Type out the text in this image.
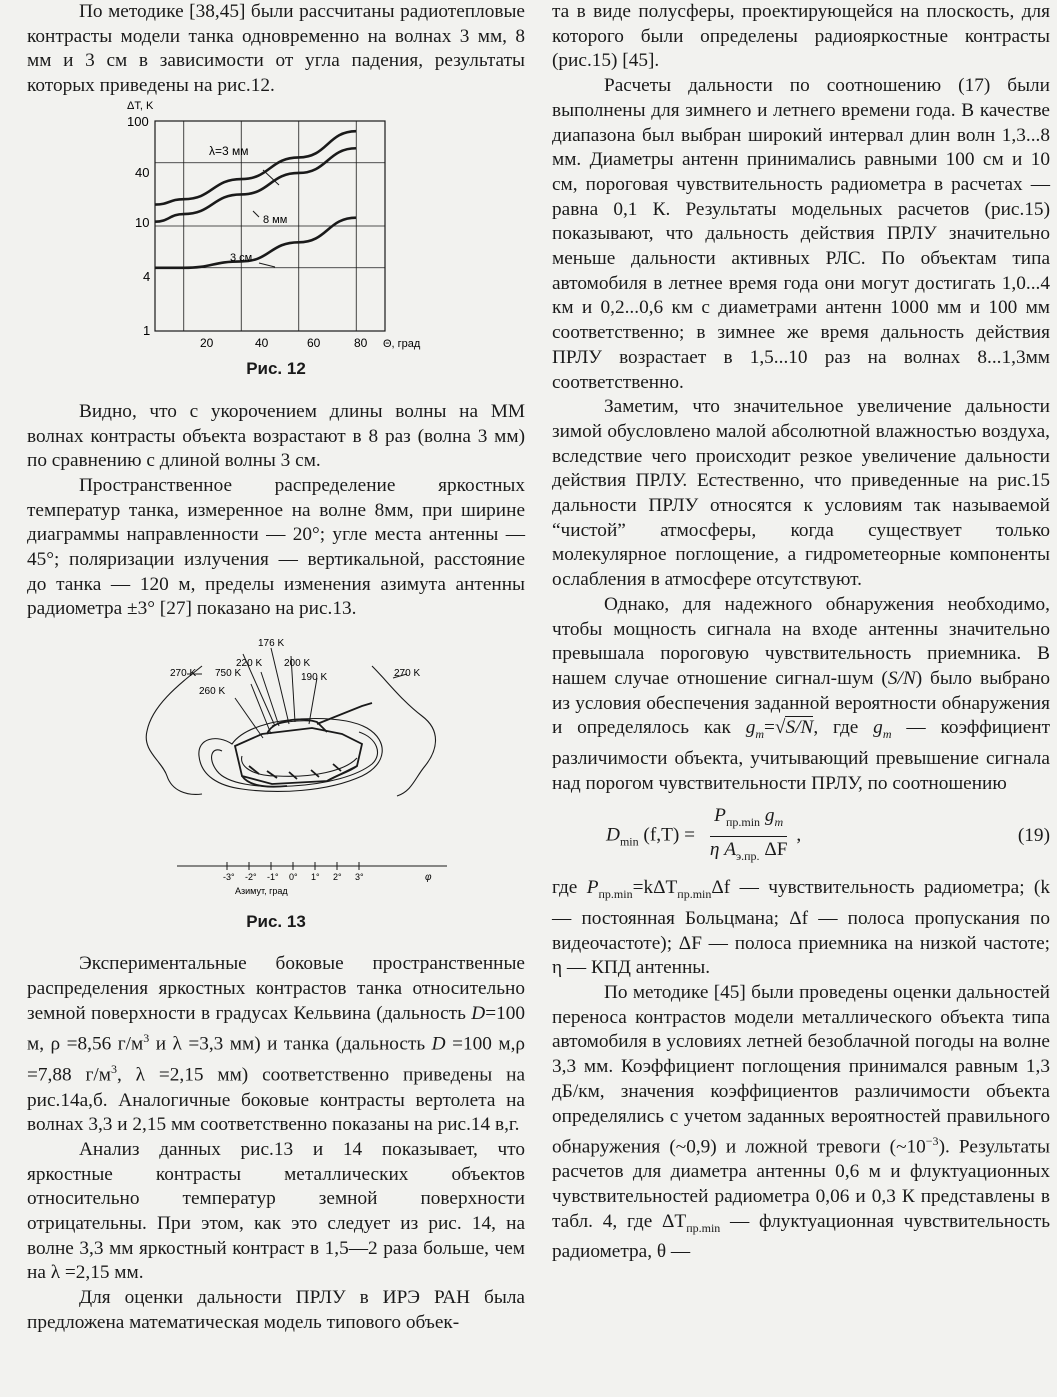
По методике [38,45] были рассчитаны радиотепловые контрасты модели танка одновременно на волнах 3 мм, 8 мм и 3 см в зависимости от угла падения, результаты которых приведены на рис.12.

ΔT, K
100
40
10
4
1
20	40	60	80 Θ, град
λ=3 мм
8 мм
3 см
Рис. 12

Видно, что с укорочением длины волны на ММ волнах контрасты объекта возрастают в 8 раз (волна 3 мм) по сравнению с длиной волны 3 см.

Пространственное распределение яркостных температур танка, измеренное на волне 8мм, при ширине диаграммы направленности — 20°; угле места антенны — 45°; поляризации излучения — вертикальной, расстояние до танка — 120 м, пределы изменения азимута антенны радиометра ±3° [27] показано на рис.13.

176 K
220 K 200 K
270 K 750 K	190 K	270 K
260 K
-3° -2° -1° 0° 1° 2° 3°	φ
Азимут, град
Рис. 13

Экспериментальные боковые пространственные распределения яркостных контрастов танка относительно земной поверхности в градусах Кельвина (дальность D=100 м, ρ =8,56 $г/м^3$ и λ =3,3 мм) и танка (дальность D =100 м,ρ =7,88 $г/м^3$, λ =2,15 мм) соответственно приведены на рис.14а,б. Аналогичные боковые контрасты вертолета на волнах 3,3 и 2,15 мм соответственно показаны на рис.14 в,г.

Анализ данных рис.13 и 14 показывает, что яркостные контрасты металлических объектов относительно температур земной поверхности отрицательны. При этом, как это следует из рис. 14, на волне 3,3 мм яркостный контраст в 1,5—2 раза больше, чем на λ =2,15 мм.

Для оценки дальности ПРЛУ в ИРЭ РАН была предложена математическая модель типового объек-

та в виде полусферы, проектирующейся на плоскость, для которого были определены радиояркостные контрасты (рис.15) [45].

Расчеты дальности по соотношению (17) были выполнены для зимнего и летнего времени года. В качестве диапазона был выбран широкий интервал длин волн 1,3...8 мм. Диаметры антенн принимались равными 100 см и 10 см, пороговая чувствительность радиометра в расчетах — равна 0,1 К. Результаты модельных расчетов (рис.15) показывают, что дальность действия ПРЛУ значительно меньше дальности активных РЛС. По объектам типа автомобиля в летнее время года они могут достигать 1,0...4 км и 0,2...0,6 км с диаметрами антенн 1000 мм и 100 мм соответственно; в зимнее же время дальность действия ПРЛУ возрастает в 1,5...10 раз на волнах 8...1,3мм соответственно.

Заметим, что значительное увеличение дальности зимой обусловлено малой абсолютной влажностью воздуха, вследствие чего происходит резкое увеличение дальности действия ПРЛУ. Естественно, что приведенные на рис.15 дальности ПРЛУ относятся к условиям так называемой “чистой” атмосферы, когда существует только молекулярное поглощение, а гидрометеорные компоненты ослабления в атмосфере отсутствуют.

Однако, для надежного обнаружения необходимо, чтобы мощность сигнала на входе антенны значительно превышала пороговую чувствительность приемника. В нашем случае отношение сигнал-шум (S/N) было выбрано из условия обеспечения заданной вероятности обнаружения и определялось как $g_m=√S/N$, где $g_m$ — коэффициент различимости объекта, учитывающий превышение сигнала над порогом чувствительности ПРЛУ, по соотношению

$D_{min}$ $(f,T) = \frac{P_{пр.min} g_m}{\eta A_{э.пр.} \Delta F}$ ,	(19)

где $P_{пр.min}=k\Delta T_{пр.min}\Delta f$ — чувствительность радиометра; (k — постоянная Больцмана; Δf — полоса пропускания по видеочастоте); ΔF — полоса приемника на низкой частоте; η — КПД антенны.

По методике [45] были проведены оценки дальностей переноса контрастов модели металлического объекта типа автомобиля в условиях летней безоблачной погоды на волне 3,3 мм. Коэффициент поглощения принимался равным 1,3 дБ/км, значения коэффициентов различимости объекта определялись с учетом заданных вероятностей правильного обнаружения (~0,9) и ложной тревоги $(\sim 10^{-3})$. Результаты расчетов для диаметра антенны 0,6 м и флуктуационных чувствительностей радиометра 0,06 и 0,3 К представлены в табл. 4, где $\Delta T_{пр.min}$ — флуктуационная чувствительность радиометра, θ —
